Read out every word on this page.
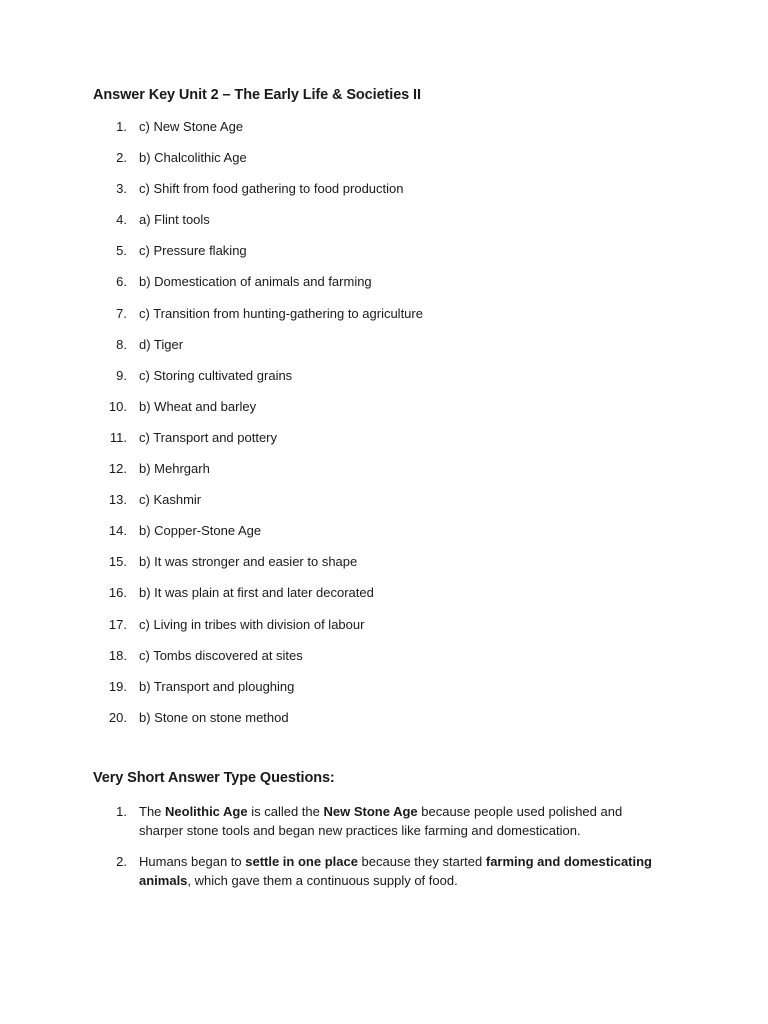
Answer Key Unit 2 – The Early Life & Societies II
1. c) New Stone Age
2. b) Chalcolithic Age
3. c) Shift from food gathering to food production
4. a) Flint tools
5. c) Pressure flaking
6. b) Domestication of animals and farming
7. c) Transition from hunting-gathering to agriculture
8. d) Tiger
9. c) Storing cultivated grains
10. b) Wheat and barley
11. c) Transport and pottery
12. b) Mehrgarh
13. c) Kashmir
14. b) Copper-Stone Age
15. b) It was stronger and easier to shape
16. b) It was plain at first and later decorated
17. c) Living in tribes with division of labour
18. c) Tombs discovered at sites
19. b) Transport and ploughing
20. b) Stone on stone method
Very Short Answer Type Questions:
1. The Neolithic Age is called the New Stone Age because people used polished and sharper stone tools and began new practices like farming and domestication.
2. Humans began to settle in one place because they started farming and domesticating animals, which gave them a continuous supply of food.
